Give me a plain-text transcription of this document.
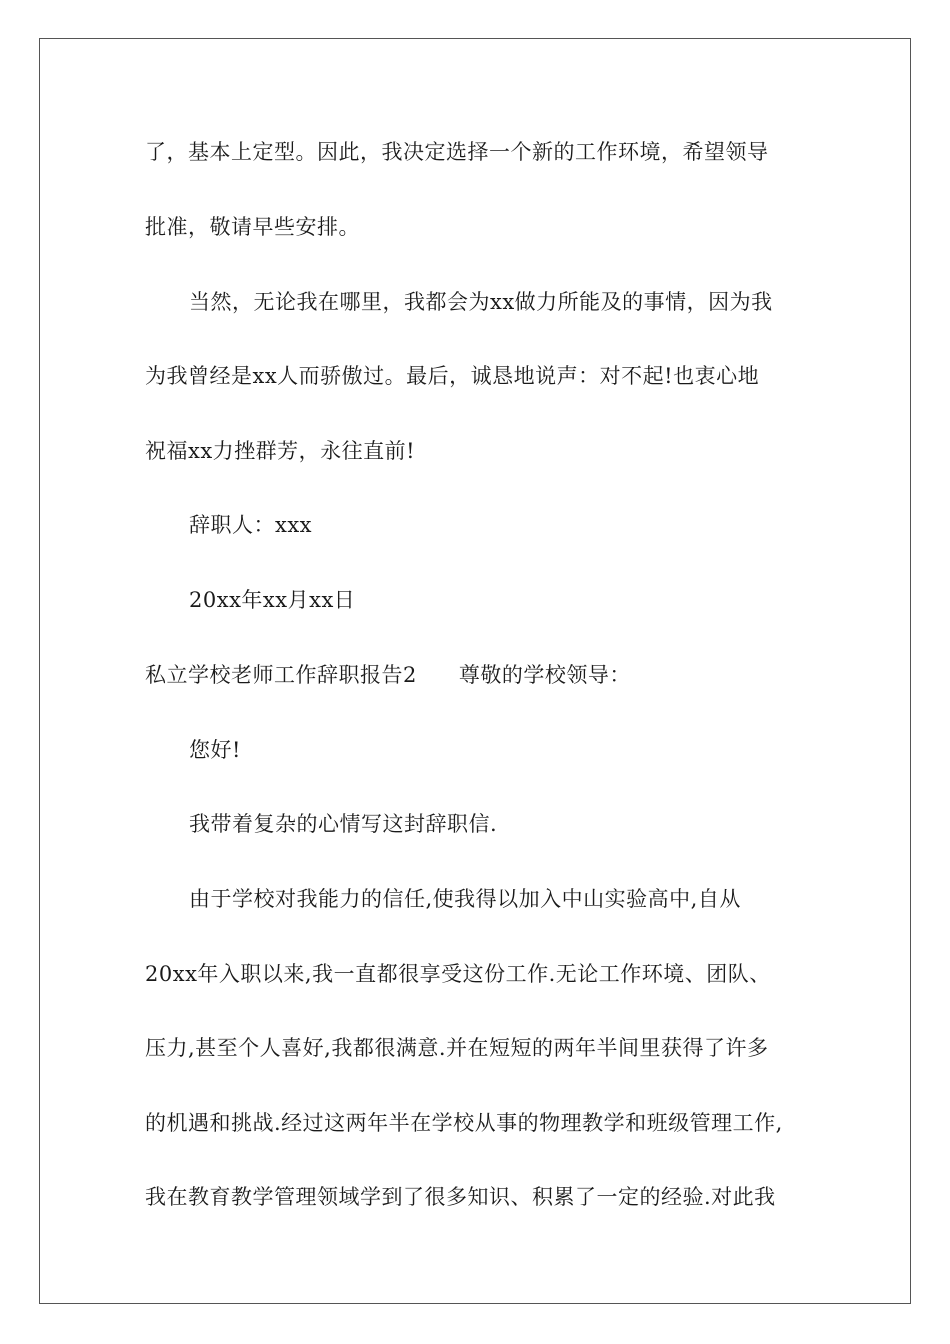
了，基本上定型。因此，我决定选择一个新的工作环境，希望领导
批准，敬请早些安排。
当然，无论我在哪里，我都会为xx做力所能及的事情，因为我
为我曾经是xx人而骄傲过。最后，诚恳地说声：对不起!也衷心地
祝福xx力挫群芳，永往直前!
辞职人：xxx
20xx年xx月xx日
私立学校老师工作辞职报告2 尊敬的学校领导：
您好!
我带着复杂的心情写这封辞职信.
由于学校对我能力的信任,使我得以加入中山实验高中,自从
20xx年入职以来,我一直都很享受这份工作.无论工作环境、团队、
压力,甚至个人喜好,我都很满意.并在短短的两年半间里获得了许多
的机遇和挑战.经过这两年半在学校从事的物理教学和班级管理工作,
我在教育教学管理领域学到了很多知识、积累了一定的经验.对此我
